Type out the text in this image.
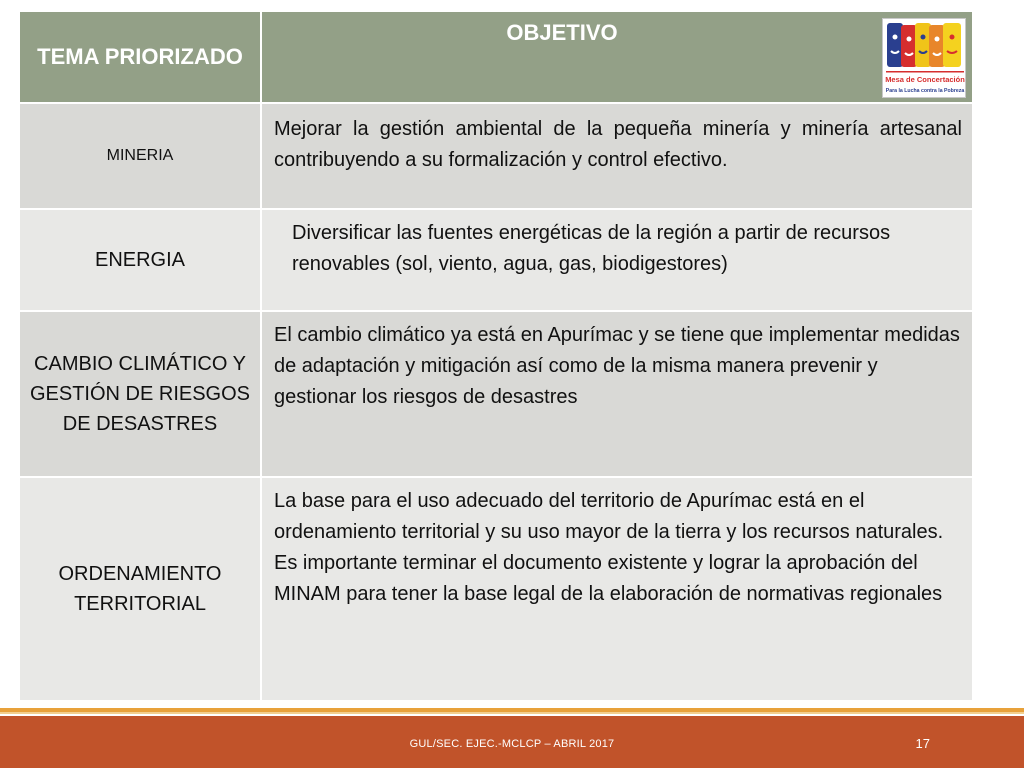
TEMA PRIORIZADO
OBJETIVO
Mesa de Concertación
Para la Lucha contra la Pobreza
MINERIA
Mejorar la gestión ambiental de la pequeña minería y minería artesanal contribuyendo a su formalización y control efectivo.
ENERGIA
Diversificar las fuentes energéticas de la región a partir de recursos renovables (sol, viento, agua, gas, biodigestores)
CAMBIO CLIMÁTICO Y GESTIÓN DE RIESGOS DE DESASTRES
El cambio climático ya está en Apurímac y se tiene que implementar medidas de adaptación y mitigación así como de la misma manera prevenir y gestionar los riesgos de desastres
ORDENAMIENTO TERRITORIAL
La base para el uso adecuado del territorio de Apurímac está en el ordenamiento territorial y su uso mayor de la tierra y los recursos naturales. Es importante terminar el documento existente y lograr la aprobación del MINAM para tener la base legal de la elaboración de normativas regionales
GUL/SEC. EJEC.-MCLCP – ABRIL 2017	17
